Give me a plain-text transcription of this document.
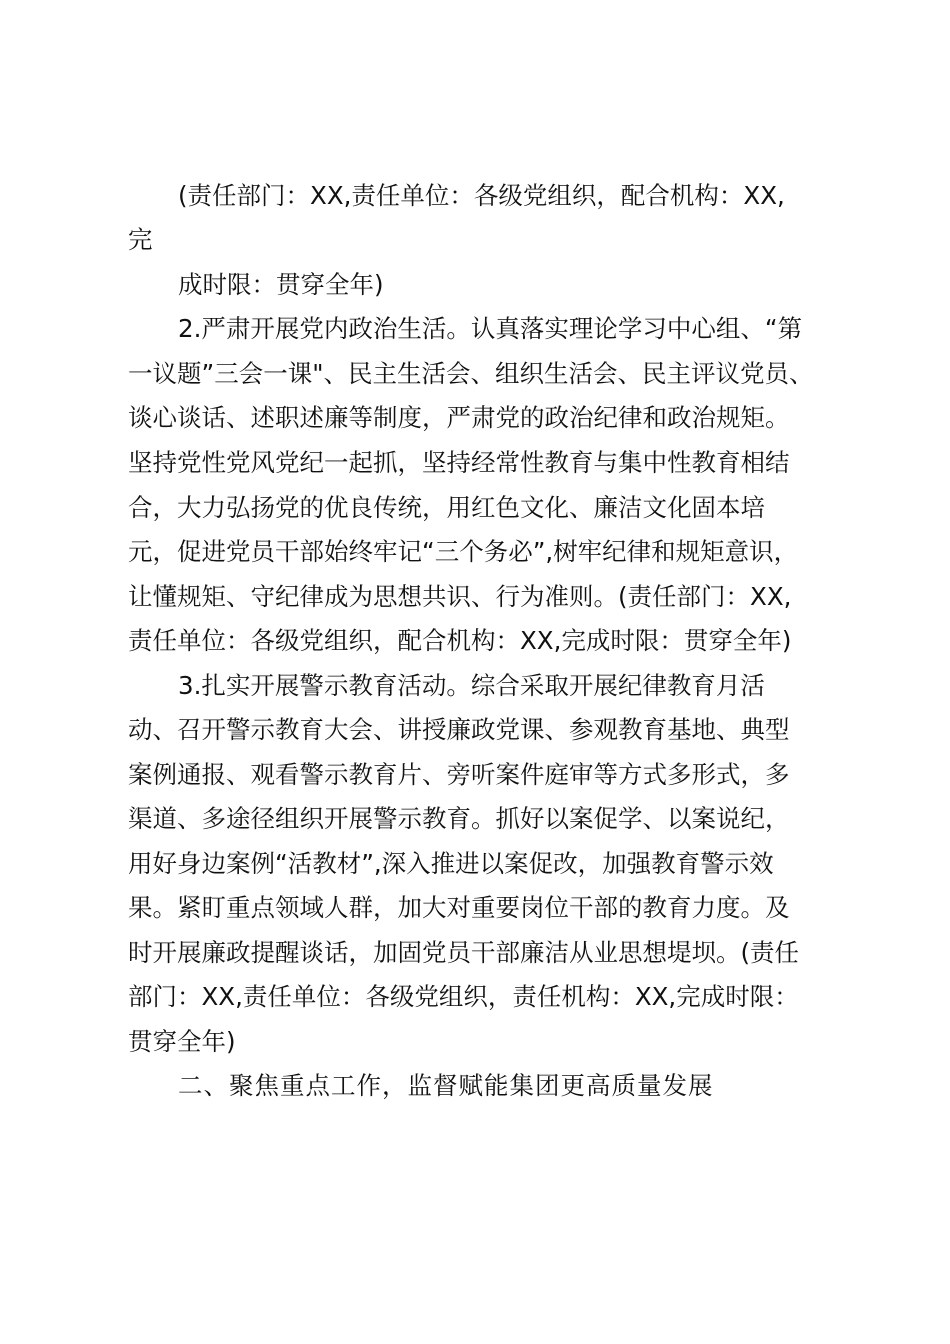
(责任部门：XX,责任单位：各级党组织，配合机构：XX,
完
成时限：贯穿全年)
2.严肃开展党内政治生活。认真落实理论学习中心组、“第
一议题”三会一课"、民主生活会、组织生活会、民主评议党员、
谈心谈话、述职述廉等制度，严肃党的政治纪律和政治规矩。
坚持党性党风党纪一起抓，坚持经常性教育与集中性教育相结
合，大力弘扬党的优良传统，用红色文化、廉洁文化固本培
元，促进党员干部始终牢记“三个务必”,树牢纪律和规矩意识，
让懂规矩、守纪律成为思想共识、行为准则。(责任部门：XX,
责任单位：各级党组织，配合机构：XX,完成时限：贯穿全年)
3.扎实开展警示教育活动。综合采取开展纪律教育月活
动、召开警示教育大会、讲授廉政党课、参观教育基地、典型
案例通报、观看警示教育片、旁听案件庭审等方式多形式，多
渠道、多途径组织开展警示教育。抓好以案促学、以案说纪，
用好身边案例“活教材”,深入推进以案促改，加强教育警示效
果。紧盯重点领域人群，加大对重要岗位干部的教育力度。及
时开展廉政提醒谈话，加固党员干部廉洁从业思想堤坝。(责任
部门：XX,责任单位：各级党组织，责任机构：XX,完成时限：
贯穿全年)
二、聚焦重点工作，监督赋能集团更高质量发展
